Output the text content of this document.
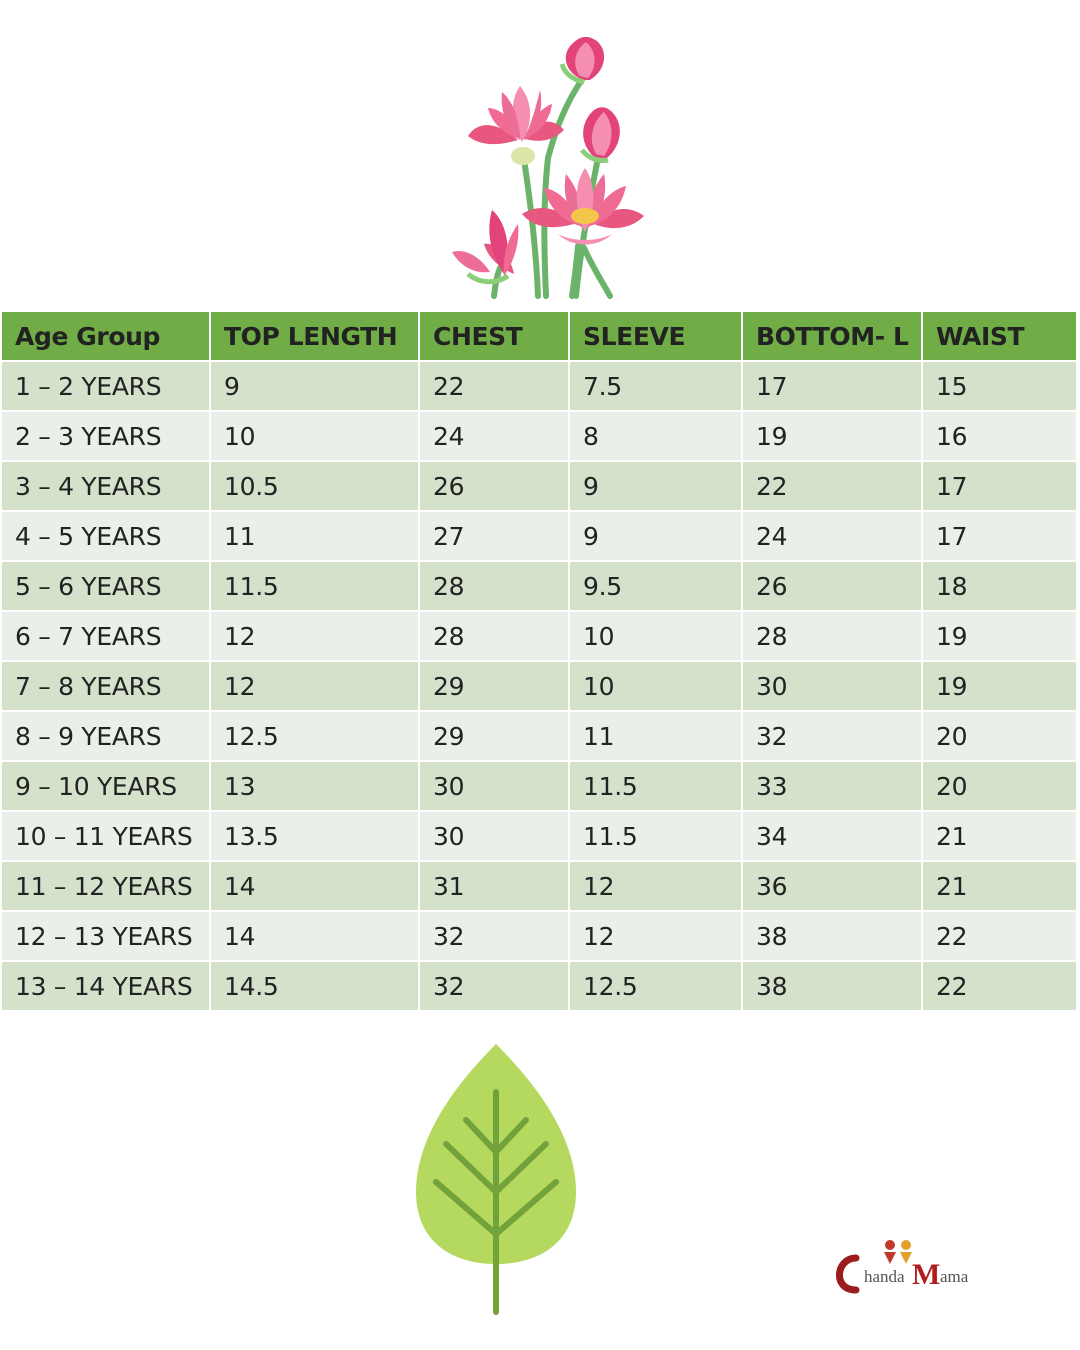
Age Group	TOP LENGTH	CHEST	SLEEVE	BOTTOM- L	WAIST
1 – 2 YEARS	9	22	7.5	17	15
2 – 3 YEARS	10	24	8	19	16
3 – 4 YEARS	10.5	26	9	22	17
4 – 5 YEARS	11	27	9	24	17
5 – 6 YEARS	11.5	28	9.5	26	18
6 – 7 YEARS	12	28	10	28	19
7 – 8 YEARS	12	29	10	30	19
8 – 9 YEARS	12.5	29	11	32	20
9 – 10 YEARS	13	30	11.5	33	20
10 – 11 YEARS	13.5	30	11.5	34	21
11 – 12 YEARS	14	31	12	36	21
12 – 13 YEARS	14	32	12	38	22
13 – 14 YEARS	14.5	32	12.5	38	22
handa M ama
